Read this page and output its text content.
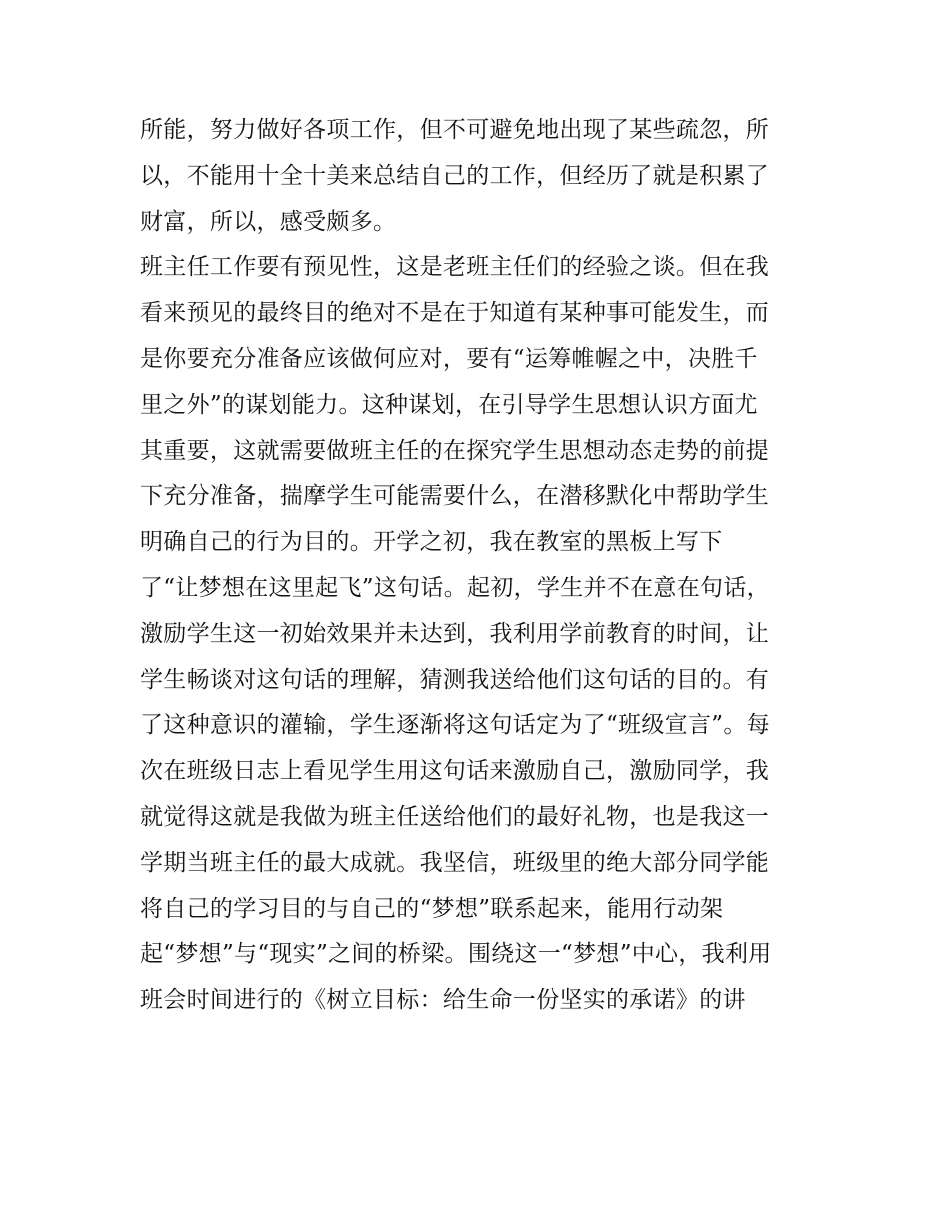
所能，努力做好各项工作，但不可避免地出现了某些疏忽，所
以，不能用十全十美来总结自己的工作，但经历了就是积累了
财富，所以，感受颇多。
班主任工作要有预见性，这是老班主任们的经验之谈。但在我
看来预见的最终目的绝对不是在于知道有某种事可能发生，而
是你要充分准备应该做何应对，要有“运筹帷幄之中，决胜千
里之外”的谋划能力。这种谋划，在引导学生思想认识方面尤
其重要，这就需要做班主任的在探究学生思想动态走势的前提
下充分准备，揣摩学生可能需要什么，在潜移默化中帮助学生
明确自己的行为目的。开学之初，我在教室的黑板上写下
了“让梦想在这里起飞”这句话。起初，学生并不在意在句话，
激励学生这一初始效果并未达到，我利用学前教育的时间，让
学生畅谈对这句话的理解，猜测我送给他们这句话的目的。有
了这种意识的灌输，学生逐渐将这句话定为了“班级宣言”。每
次在班级日志上看见学生用这句话来激励自己，激励同学，我
就觉得这就是我做为班主任送给他们的最好礼物，也是我这一
学期当班主任的最大成就。我坚信，班级里的绝大部分同学能
将自己的学习目的与自己的“梦想”联系起来，能用行动架
起“梦想”与“现实”之间的桥梁。围绕这一“梦想”中心，我利用
班会时间进行的《树立目标：给生命一份坚实的承诺》的讲
